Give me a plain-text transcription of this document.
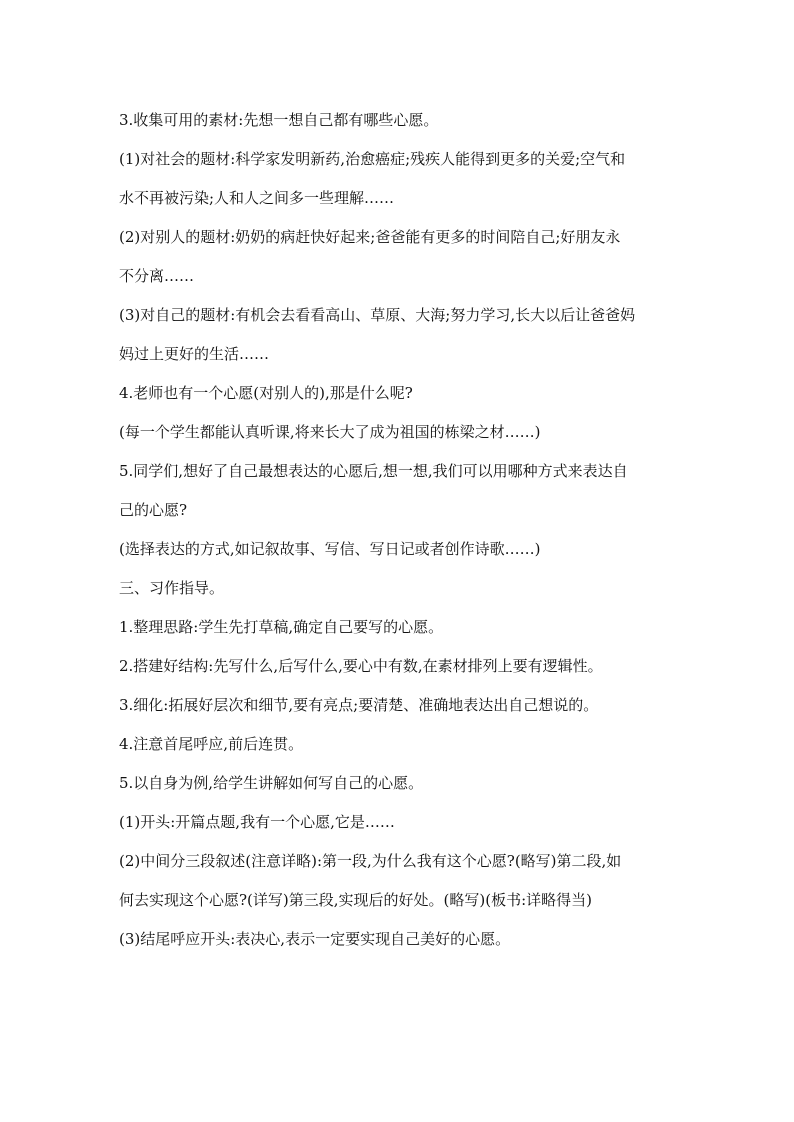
3.收集可用的素材:先想一想自己都有哪些心愿。
(1)对社会的题材:科学家发明新药,治愈癌症;残疾人能得到更多的关爱;空气和
水不再被污染;人和人之间多一些理解……
(2)对别人的题材:奶奶的病赶快好起来;爸爸能有更多的时间陪自己;好朋友永
不分离……
(3)对自己的题材:有机会去看看高山、草原、大海;努力学习,长大以后让爸爸妈
妈过上更好的生活……
4.老师也有一个心愿(对别人的),那是什么呢?
(每一个学生都能认真听课,将来长大了成为祖国的栋梁之材……)
5.同学们,想好了自己最想表达的心愿后,想一想,我们可以用哪种方式来表达自
己的心愿?
(选择表达的方式,如记叙故事、写信、写日记或者创作诗歌……)
三、习作指导。
1.整理思路:学生先打草稿,确定自己要写的心愿。
2.搭建好结构:先写什么,后写什么,要心中有数,在素材排列上要有逻辑性。
3.细化:拓展好层次和细节,要有亮点;要清楚、准确地表达出自己想说的。
4.注意首尾呼应,前后连贯。
5.以自身为例,给学生讲解如何写自己的心愿。
(1)开头:开篇点题,我有一个心愿,它是……
(2)中间分三段叙述(注意详略):第一段,为什么我有这个心愿?(略写)第二段,如
何去实现这个心愿?(详写)第三段,实现后的好处。(略写)(板书:详略得当)
(3)结尾呼应开头:表决心,表示一定要实现自己美好的心愿。
